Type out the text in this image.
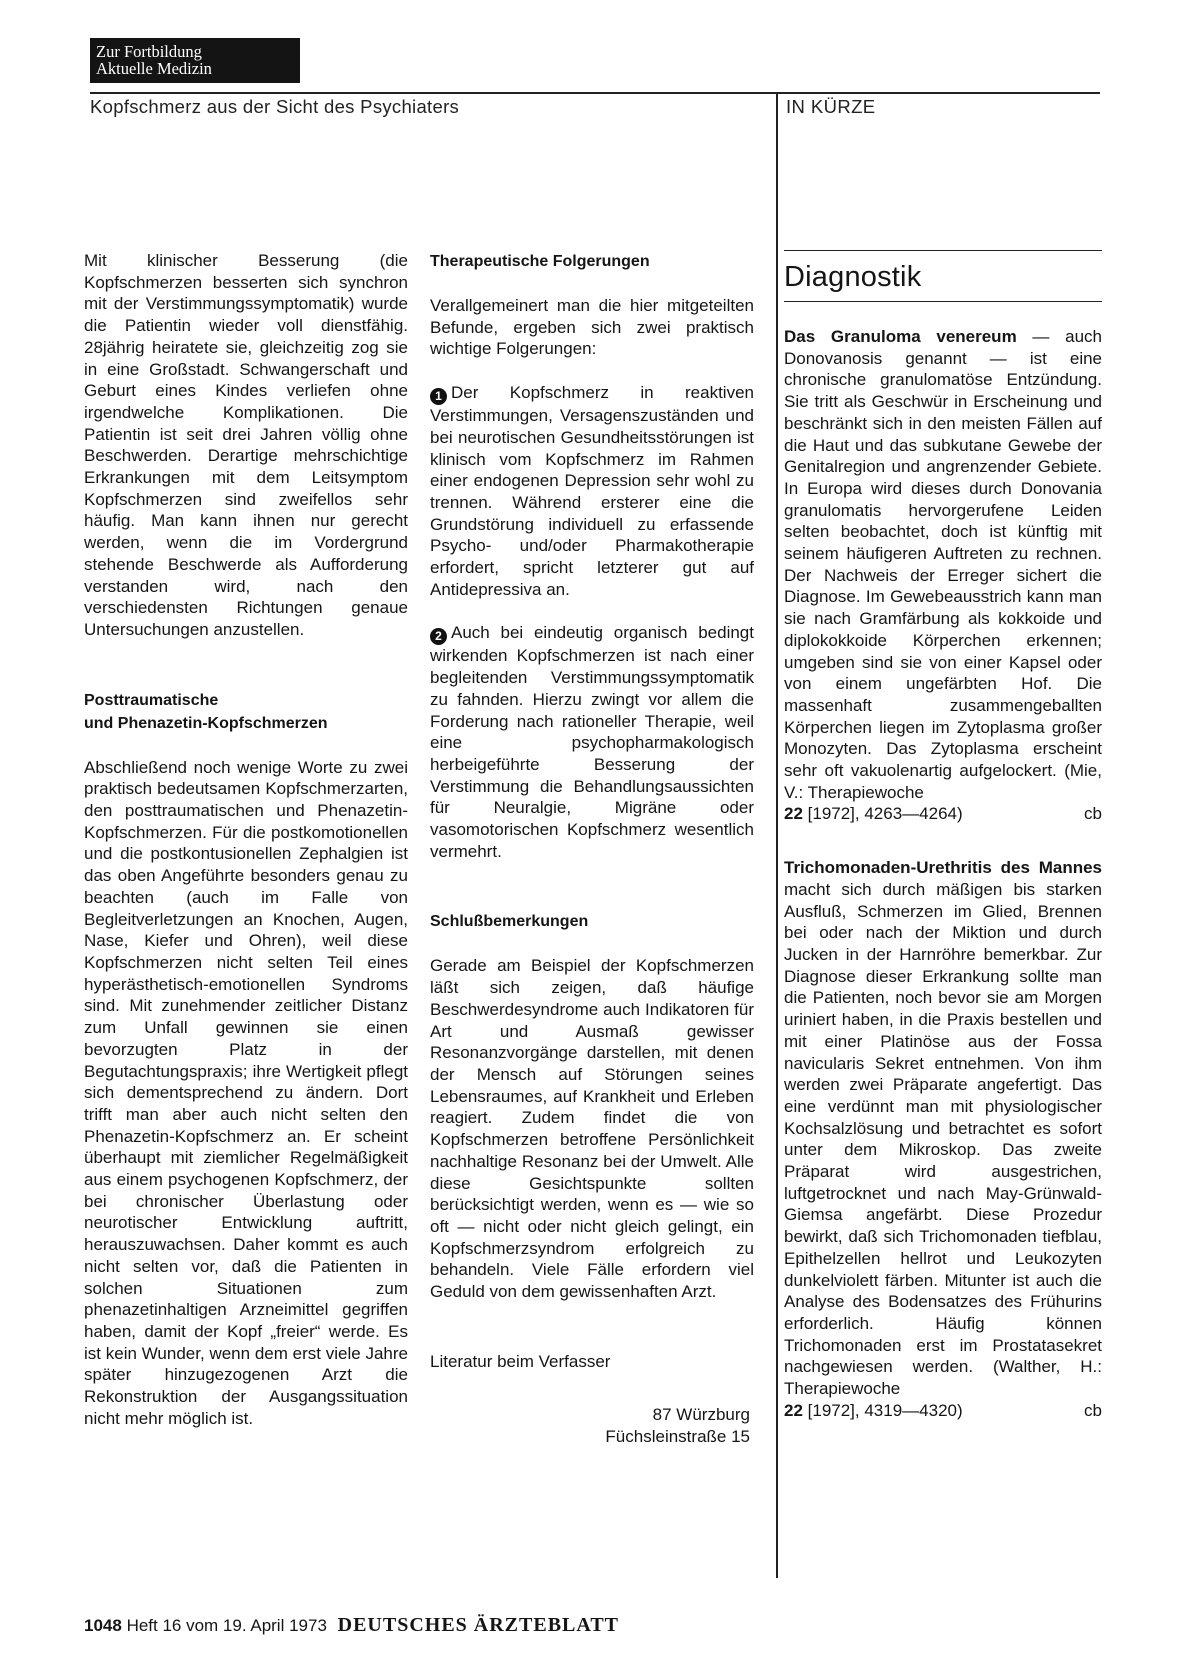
Zur Fortbildung
Aktuelle Medizin
Kopfschmerz aus der Sicht des Psychiaters	IN KÜRZE

Mit klinischer Besserung (die Kopfschmerzen besserten sich synchron mit der Verstimmungssymptomatik) wurde die Patientin wieder voll dienstfähig. 28jährig heiratete sie, gleichzeitig zog sie in eine Großstadt. Schwangerschaft und Geburt eines Kindes verliefen ohne irgendwelche Komplikationen. Die Patientin ist seit drei Jahren völlig ohne Beschwerden. Derartige mehrschichtige Erkrankungen mit dem Leitsymptom Kopfschmerzen sind zweifellos sehr häufig. Man kann ihnen nur gerecht werden, wenn die im Vordergrund stehende Beschwerde als Aufforderung verstanden wird, nach den verschiedensten Richtungen genaue Untersuchungen anzustellen.

Posttraumatische
und Phenazetin-Kopfschmerzen

Abschließend noch wenige Worte zu zwei praktisch bedeutsamen Kopfschmerzarten, den posttraumatischen und Phenazetin-Kopfschmerzen. Für die postkomotionellen und die postkontusionellen Zephalgien ist das oben Angeführte besonders genau zu beachten (auch im Falle von Begleitverletzungen an Knochen, Augen, Nase, Kiefer und Ohren), weil diese Kopfschmerzen nicht selten Teil eines hyperästhetisch-emotionellen Syndroms sind. Mit zunehmender zeitlicher Distanz zum Unfall gewinnen sie einen bevorzugten Platz in der Begutachtungspraxis; ihre Wertigkeit pflegt sich dementsprechend zu ändern. Dort trifft man aber auch nicht selten den Phenazetin-Kopfschmerz an. Er scheint überhaupt mit ziemlicher Regelmäßigkeit aus einem psychogenen Kopfschmerz, der bei chronischer Überlastung oder neurotischer Entwicklung auftritt, herauszuwachsen. Daher kommt es auch nicht selten vor, daß die Patienten in solchen Situationen zum phenazetinhaltigen Arzneimittel gegriffen haben, damit der Kopf „freier“ werde. Es ist kein Wunder, wenn dem erst viele Jahre später hinzugezogenen Arzt die Rekonstruktion der Ausgangssituation nicht mehr möglich ist.

Therapeutische Folgerungen

Verallgemeinert man die hier mitgeteilten Befunde, ergeben sich zwei praktisch wichtige Folgerungen:

1 Der Kopfschmerz in reaktiven Verstimmungen, Versagenszuständen und bei neurotischen Gesundheitsstörungen ist klinisch vom Kopfschmerz im Rahmen einer endogenen Depression sehr wohl zu trennen. Während ersterer eine die Grundstörung individuell zu erfassende Psycho- und/oder Pharmakotherapie erfordert, spricht letzterer gut auf Antidepressiva an.

2 Auch bei eindeutig organisch bedingt wirkenden Kopfschmerzen ist nach einer begleitenden Verstimmungssymptomatik zu fahnden. Hierzu zwingt vor allem die Forderung nach rationeller Therapie, weil eine psychopharmakologisch herbeigeführte Besserung der Verstimmung die Behandlungsaussichten für Neuralgie, Migräne oder vasomotorischen Kopfschmerz wesentlich vermehrt.

Schlußbemerkungen

Gerade am Beispiel der Kopfschmerzen läßt sich zeigen, daß häufige Beschwerdesyndrome auch Indikatoren für Art und Ausmaß gewisser Resonanzvorgänge darstellen, mit denen der Mensch auf Störungen seines Lebensraumes, auf Krankheit und Erleben reagiert. Zudem findet die von Kopfschmerzen betroffene Persönlichkeit nachhaltige Resonanz bei der Umwelt. Alle diese Gesichtspunkte sollten berücksichtigt werden, wenn es — wie so oft — nicht oder nicht gleich gelingt, ein Kopfschmerzsyndrom erfolgreich zu behandeln. Viele Fälle erfordern viel Geduld von dem gewissenhaften Arzt.

Literatur beim Verfasser

87 Würzburg
Füchsleinstraße 15

Diagnostik

Das Granuloma venereum — auch Donovanosis genannt — ist eine chronische granulomatöse Entzündung. Sie tritt als Geschwür in Erscheinung und beschränkt sich in den meisten Fällen auf die Haut und das subkutane Gewebe der Genitalregion und angrenzender Gebiete. In Europa wird dieses durch Donovania granulomatis hervorgerufene Leiden selten beobachtet, doch ist künftig mit seinem häufigeren Auftreten zu rechnen. Der Nachweis der Erreger sichert die Diagnose. Im Gewebeausstrich kann man sie nach Gramfärbung als kokkoide und diplokokkoide Körperchen erkennen; umgeben sind sie von einer Kapsel oder von einem ungefärbten Hof. Die massenhaft zusammengeballten Körperchen liegen im Zytoplasma großer Monozyten. Das Zytoplasma erscheint sehr oft vakuolenartig aufgelockert. (Mie, V.: Therapiewoche

22 [1972], 4263—4264)	cb

Trichomonaden-Urethritis des Mannes macht sich durch mäßigen bis starken Ausfluß, Schmerzen im Glied, Brennen bei oder nach der Miktion und durch Jucken in der Harnröhre bemerkbar. Zur Diagnose dieser Erkrankung sollte man die Patienten, noch bevor sie am Morgen uriniert haben, in die Praxis bestellen und mit einer Platinöse aus der Fossa navicularis Sekret entnehmen. Von ihm werden zwei Präparate angefertigt. Das eine verdünnt man mit physiologischer Kochsalzlösung und betrachtet es sofort unter dem Mikroskop. Das zweite Präparat wird ausgestrichen, luftgetrocknet und nach May-Grünwald-Giemsa angefärbt. Diese Prozedur bewirkt, daß sich Trichomonaden tiefblau, Epithelzellen hellrot und Leukozyten dunkelviolett färben. Mitunter ist auch die Analyse des Bodensatzes des Frühurins erforderlich. Häufig können Trichomonaden erst im Prostatasekret nachgewiesen werden. (Walther, H.: Therapiewoche

22 [1972], 4319—4320)	cb

1048 Heft 16 vom 19. April 1973 DEUTSCHES ÄRZTEBLATT
